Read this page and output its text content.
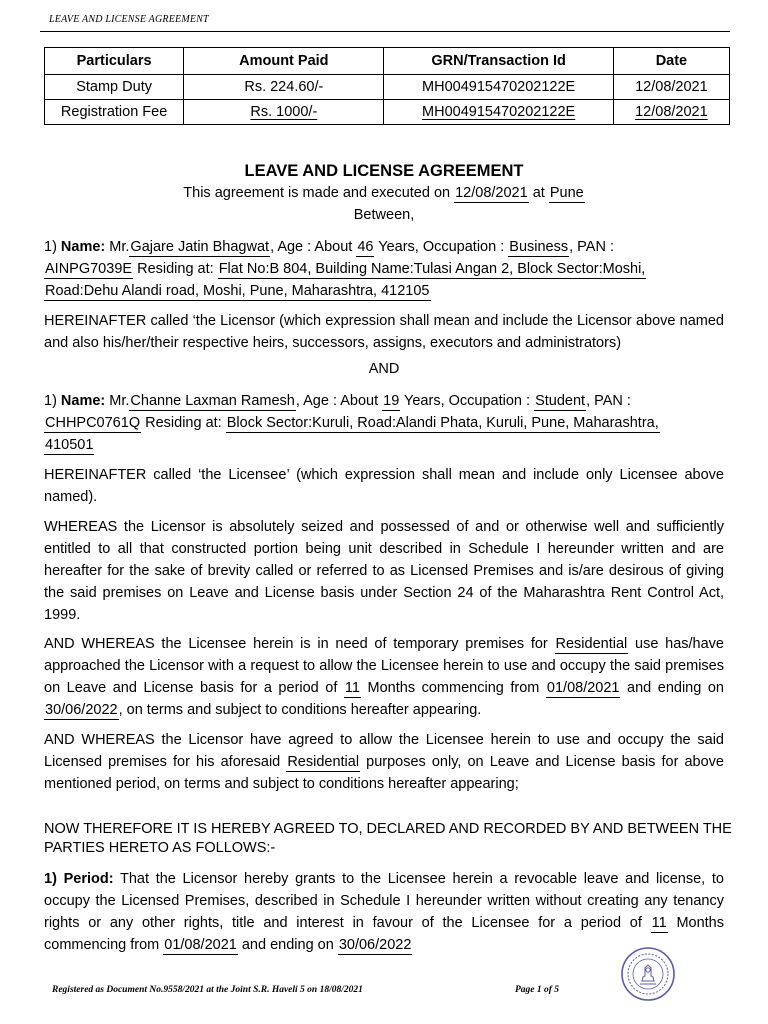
LEAVE AND LICENSE AGREEMENT
Particulars	Amount Paid	GRN/Transaction Id	Date
Stamp Duty	Rs. 224.60/-	MH004915470202122E	12/08/2021
Registration Fee	Rs. 1000/-	MH004915470202122E	12/08/2021
LEAVE AND LICENSE AGREEMENT
This agreement is made and executed on 12/08/2021 at Pune
Between,
1) Name: Mr.Gajare Jatin Bhagwat, Age : About 46 Years, Occupation : Business, PAN :
AINPG7039E Residing at: Flat No:B 804, Building Name:Tulasi Angan 2, Block Sector:Moshi,
Road:Dehu Alandi road, Moshi, Pune, Maharashtra, 412105
HEREINAFTER called ‘the Licensor (which expression shall mean and include the Licensor above named and also his/her/their respective heirs, successors, assigns, executors and administrators)
AND
1) Name: Mr.Channe Laxman Ramesh, Age : About 19 Years, Occupation : Student, PAN :
CHHPC0761Q Residing at: Block Sector:Kuruli, Road:Alandi Phata, Kuruli, Pune, Maharashtra,
410501
HEREINAFTER called ‘the Licensee’ (which expression shall mean and include only Licensee above named).
WHEREAS the Licensor is absolutely seized and possessed of and or otherwise well and sufficiently entitled to all that constructed portion being unit described in Schedule I hereunder written and are hereafter for the sake of brevity called or referred to as Licensed Premises and is/are desirous of giving the said premises on Leave and License basis under Section 24 of the Maharashtra Rent Control Act, 1999.
AND WHEREAS the Licensee herein is in need of temporary premises for Residential use has/have approached the Licensor with a request to allow the Licensee herein to use and occupy the said premises on Leave and License basis for a period of 11 Months commencing from 01/08/2021 and ending on 30/06/2022, on terms and subject to conditions hereafter appearing.
AND WHEREAS the Licensor have agreed to allow the Licensee herein to use and occupy the said Licensed premises for his aforesaid Residential purposes only, on Leave and License basis for above mentioned period, on terms and subject to conditions hereafter appearing;
NOW THEREFORE IT IS HEREBY AGREED TO, DECLARED AND RECORDED BY AND BETWEEN THE PARTIES HERETO AS FOLLOWS:-
1) Period: That the Licensor hereby grants to the Licensee herein a revocable leave and license, to occupy the Licensed Premises, described in Schedule I hereunder written without creating any tenancy rights or any other rights, title and interest in favour of the Licensee for a period of 11 Months commencing from 01/08/2021 and ending on 30/06/2022
Registered as Document No.9558/2021 at the Joint S.R. Haveli 5 on 18/08/2021	Page 1 of 5
